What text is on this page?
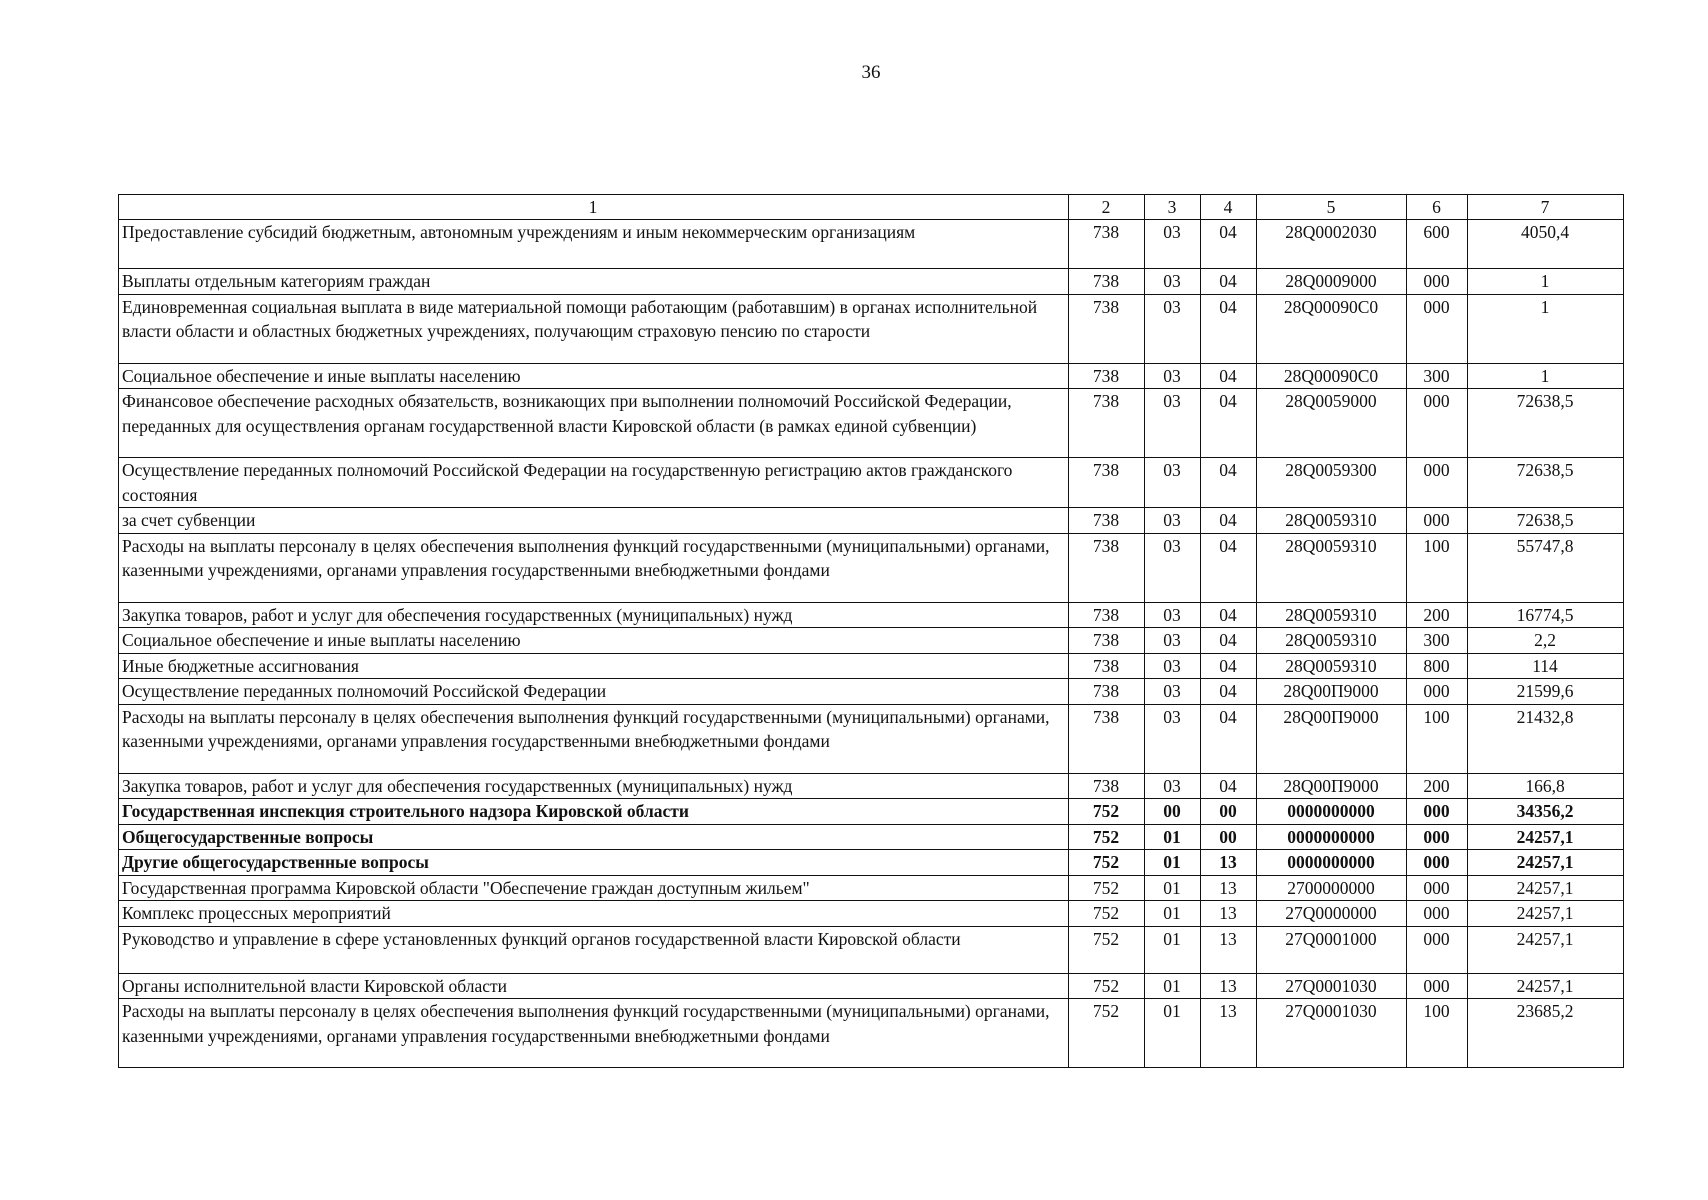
36
1	2	3	4	5	6	7
Предоставление субсидий бюджетным, автономным учреждениям и иным некоммерческим организациям	738	03	04	28Q0002030	600	4050,4
Выплаты отдельным категориям граждан	738	03	04	28Q0009000	000	1
Единовременная социальная выплата в виде материальной помощи работающим (работавшим) в органах исполнительной власти области и областных бюджетных учреждениях, получающим страховую пенсию по старости	738	03	04	28Q00090C0	000	1
Социальное обеспечение и иные выплаты населению	738	03	04	28Q00090C0	300	1
Финансовое обеспечение расходных обязательств, возникающих при выполнении полномочий Российской Федерации, переданных для осуществления органам государственной власти Кировской области (в рамках единой субвенции)	738	03	04	28Q0059000	000	72638,5
Осуществление переданных полномочий Российской Федерации на государственную регистрацию актов гражданского состояния	738	03	04	28Q0059300	000	72638,5
за счет субвенции	738	03	04	28Q0059310	000	72638,5
Расходы на выплаты персоналу в целях обеспечения выполнения функций государственными (муниципальными) органами, казенными учреждениями, органами управления государственными внебюджетными фондами	738	03	04	28Q0059310	100	55747,8
Закупка товаров, работ и услуг для обеспечения государственных (муниципальных) нужд	738	03	04	28Q0059310	200	16774,5
Социальное обеспечение и иные выплаты населению	738	03	04	28Q0059310	300	2,2
Иные бюджетные ассигнования	738	03	04	28Q0059310	800	114
Осуществление переданных полномочий Российской Федерации	738	03	04	28Q00П9000	000	21599,6
Расходы на выплаты персоналу в целях обеспечения выполнения функций государственными (муниципальными) органами, казенными учреждениями, органами управления государственными внебюджетными фондами	738	03	04	28Q00П9000	100	21432,8
Закупка товаров, работ и услуг для обеспечения государственных (муниципальных) нужд	738	03	04	28Q00П9000	200	166,8
Государственная инспекция строительного надзора Кировской области	752	00	00	0000000000	000	34356,2
Общегосударственные вопросы	752	01	00	0000000000	000	24257,1
Другие общегосударственные вопросы	752	01	13	0000000000	000	24257,1
Государственная программа Кировской области "Обеспечение граждан доступным жильем"	752	01	13	2700000000	000	24257,1
Комплекс процессных мероприятий	752	01	13	27Q0000000	000	24257,1
Руководство и управление в сфере установленных функций органов государственной власти Кировской области	752	01	13	27Q0001000	000	24257,1
Органы исполнительной власти Кировской области	752	01	13	27Q0001030	000	24257,1
Расходы на выплаты персоналу в целях обеспечения выполнения функций государственными (муниципальными) органами, казенными учреждениями, органами управления государственными внебюджетными фондами	752	01	13	27Q0001030	100	23685,2
